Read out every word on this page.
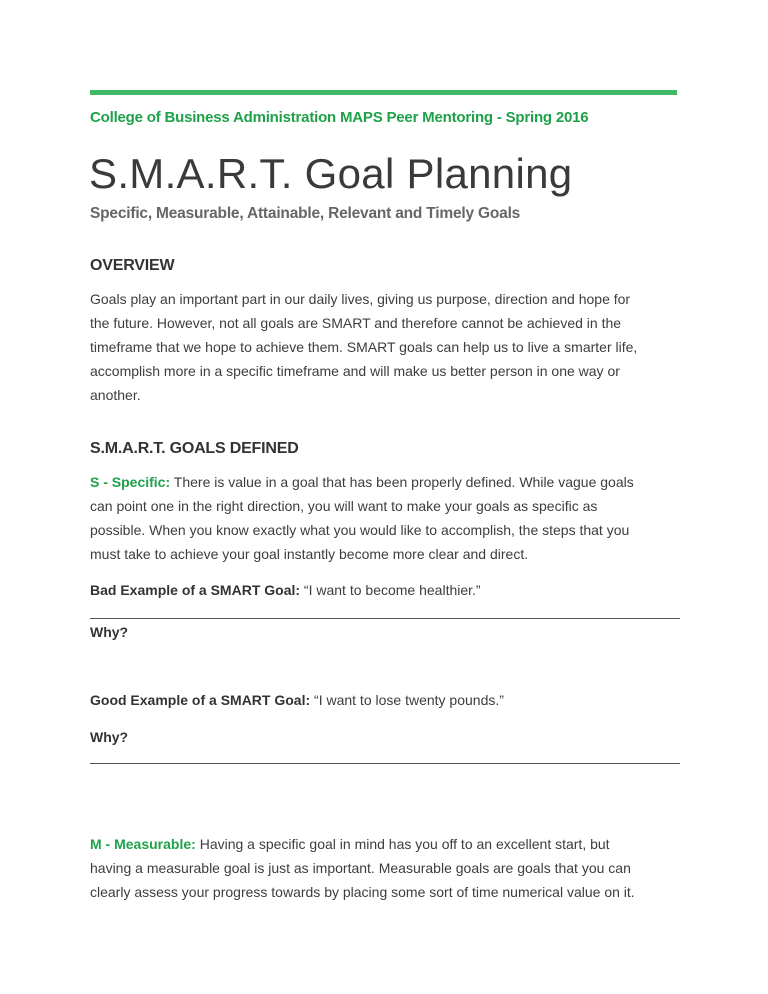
College of Business Administration MAPS Peer Mentoring - Spring 2016
S.M.A.R.T. Goal Planning
Specific, Measurable, Attainable, Relevant and Timely Goals
OVERVIEW
Goals play an important part in our daily lives, giving us purpose, direction and hope for
the future. However, not all goals are SMART and therefore cannot be achieved in the
timeframe that we hope to achieve them. SMART goals can help us to live a smarter life,
accomplish more in a specific timeframe and will make us better person in one way or
another.
S.M.A.R.T. GOALS DEFINED
S - Specific: There is value in a goal that has been properly defined. While vague goals
can point one in the right direction, you will want to make your goals as specific as
possible. When you know exactly what you would like to accomplish, the steps that you
must take to achieve your goal instantly become more clear and direct.
Bad Example of a SMART Goal: “I want to become healthier.”
Why?
Good Example of a SMART Goal: “I want to lose twenty pounds.”
Why?
M - Measurable: Having a specific goal in mind has you off to an excellent start, but
having a measurable goal is just as important. Measurable goals are goals that you can
clearly assess your progress towards by placing some sort of time numerical value on it.
